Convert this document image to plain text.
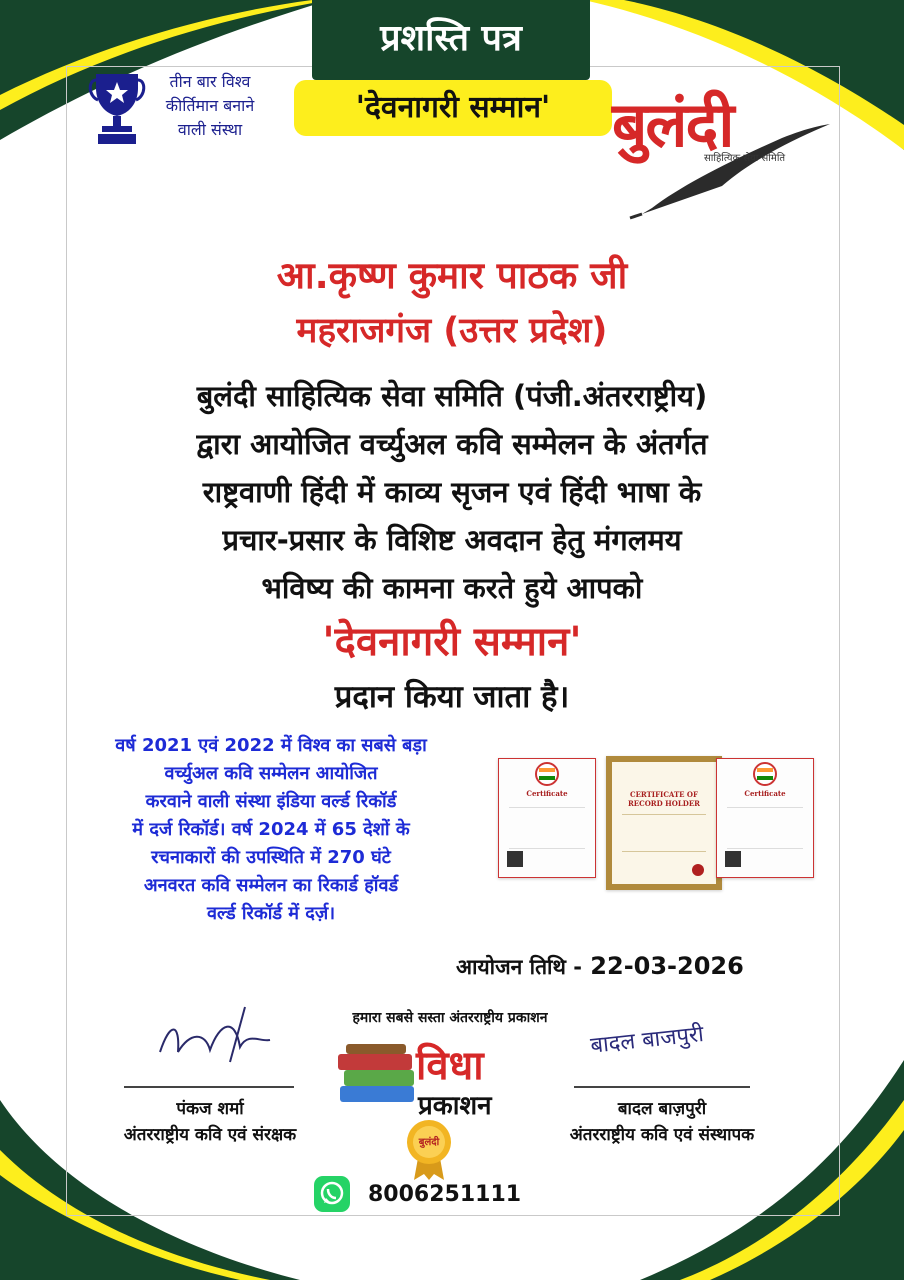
प्रशस्ति पत्र
'देवनागरी सम्मान'
तीन बार विश्व
कीर्तिमान बनाने
वाली संस्था	बुलंदी
साहित्यिक सेवा समिति
आ.कृष्ण कुमार पाठक जी
महराजगंज (उत्तर प्रदेश)
बुलंदी साहित्यिक सेवा समिति (पंजी.अंतरराष्ट्रीय)
द्वारा आयोजित वर्च्युअल कवि सम्मेलन के अंतर्गत
राष्ट्रवाणी हिंदी में काव्य सृजन एवं हिंदी भाषा के
प्रचार-प्रसार के विशिष्ट अवदान हेतु मंगलमय
भविष्य की कामना करते हुये आपको
'देवनागरी सम्मान'
प्रदान किया जाता है।
वर्ष 2021 एवं 2022 में विश्व का सबसे बड़ा
वर्च्युअल कवि सम्मेलन आयोजित
करवाने वाली संस्था इंडिया वर्ल्ड रिकॉर्ड
में दर्ज रिकॉर्ड। वर्ष 2024 में 65 देशों के
रचनाकारों की उपस्थिति में 270 घंटे
अनवरत कवि सम्मेलन का रिकार्ड हॉवर्ड
वर्ल्ड रिकॉर्ड में दर्ज़।
Certificate	CERTIFICATE OF RECORD HOLDER
Certificate
आयोजन तिथि - 22-03-2026
हमारा सबसे सस्ता अंतरराष्ट्रीय प्रकाशन
पंकज शर्मा
अंतरराष्ट्रीय कवि एवं संरक्षक
विधा
प्रकाशन
बुलंदी
बादल बाजपुरी
बादल बाज़पुरी
अंतरराष्ट्रीय कवि एवं संस्थापक
8006251111
